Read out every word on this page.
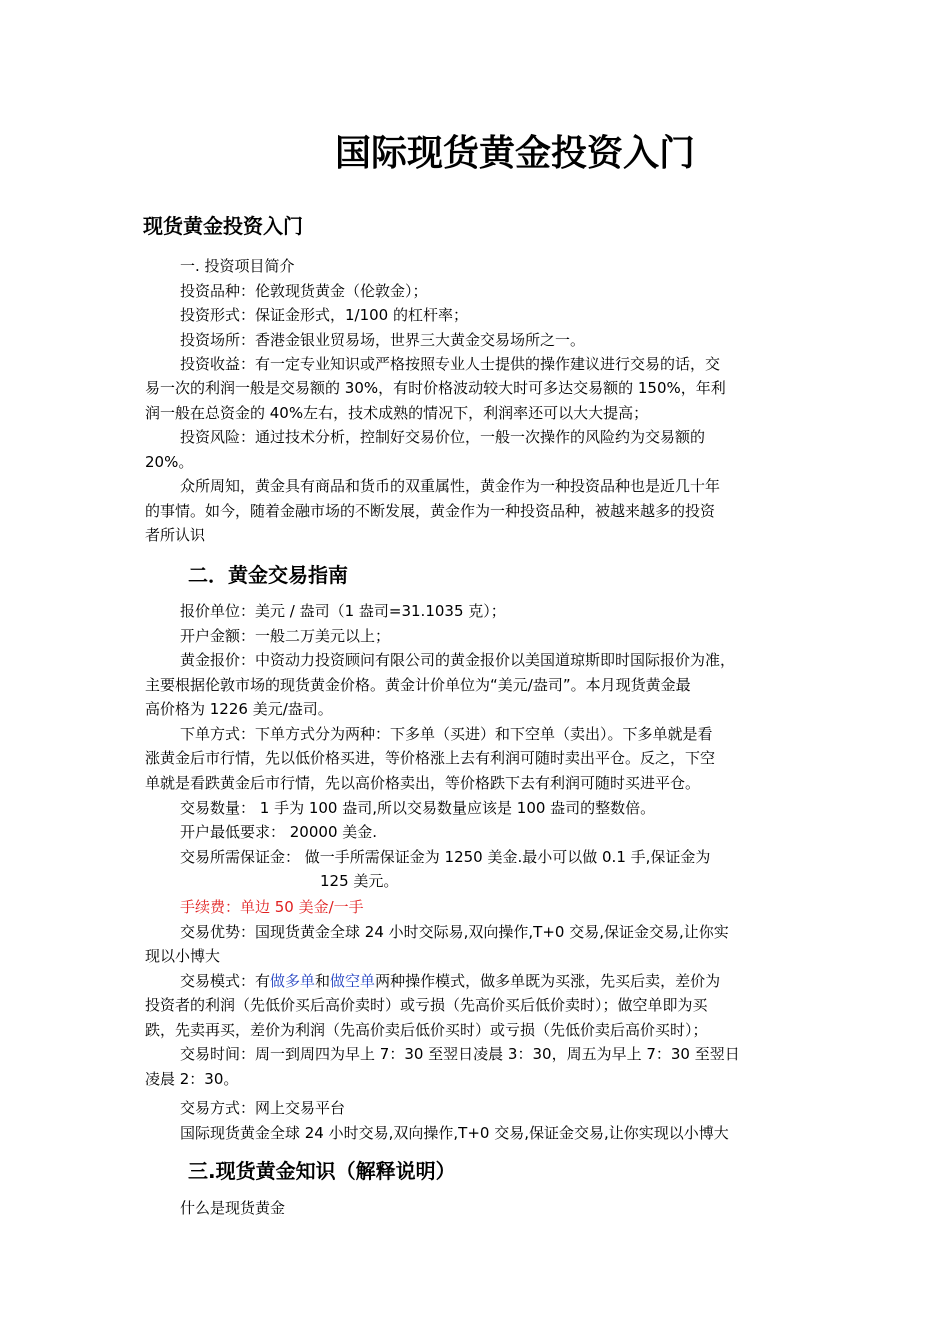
国际现货黄金投资入门
现货黄金投资入门
一. 投资项目简介
投资品种：伦敦现货黄金（伦敦金）；
投资形式：保证金形式，1/100 的杠杆率；
投资场所：香港金银业贸易场，世界三大黄金交易场所之一。
投资收益：有一定专业知识或严格按照专业人士提供的操作建议进行交易的话，交
易一次的利润一般是交易额的 30%，有时价格波动较大时可多达交易额的 150%，年利
润一般在总资金的 40%左右，技术成熟的情况下，利润率还可以大大提高；
投资风险：通过技术分析，控制好交易价位，一般一次操作的风险约为交易额的
20%。
众所周知，黄金具有商品和货币的双重属性，黄金作为一种投资品种也是近几十年
的事情。如今，随着金融市场的不断发展，黄金作为一种投资品种，被越来越多的投资
者所认识
二．黄金交易指南
报价单位：美元 / 盎司（1 盎司=31.1035 克）；
开户金额：一般二万美元以上；
黄金报价：中资动力投资顾问有限公司的黄金报价以美国道琼斯即时国际报价为准，
主要根据伦敦市场的现货黄金价格。黄金计价单位为“美元/盎司”。本月现货黄金最
高价格为 1226 美元/盎司。
下单方式：下单方式分为两种：下多单（买进）和下空单（卖出）。下多单就是看
涨黄金后市行情，先以低价格买进，等价格涨上去有利润可随时卖出平仓。反之，下空
单就是看跌黄金后市行情，先以高价格卖出，等价格跌下去有利润可随时买进平仓。
交易数量： 1 手为 100 盎司,所以交易数量应该是 100 盎司的整数倍。
开户最低要求： 20000 美金.
交易所需保证金： 做一手所需保证金为 1250 美金.最小可以做 0.1 手,保证金为
125 美元。
手续费：单边 50 美金/一手
交易优势：国现货黄金全球 24 小时交际易,双向操作,T+0 交易,保证金交易,让你实
现以小博大
交易模式：有做多单和做空单两种操作模式，做多单既为买涨，先买后卖，差价为
投资者的利润（先低价买后高价卖时）或亏损（先高价买后低价卖时）；做空单即为买
跌，先卖再买，差价为利润（先高价卖后低价买时）或亏损（先低价卖后高价买时）；
交易时间：周一到周四为早上 7：30 至翌日凌晨 3：30，周五为早上 7：30 至翌日
凌晨 2：30。
交易方式：网上交易平台
国际现货黄金全球 24 小时交易,双向操作,T+0 交易,保证金交易,让你实现以小博大
三.现货黄金知识（解释说明）
什么是现货黄金
